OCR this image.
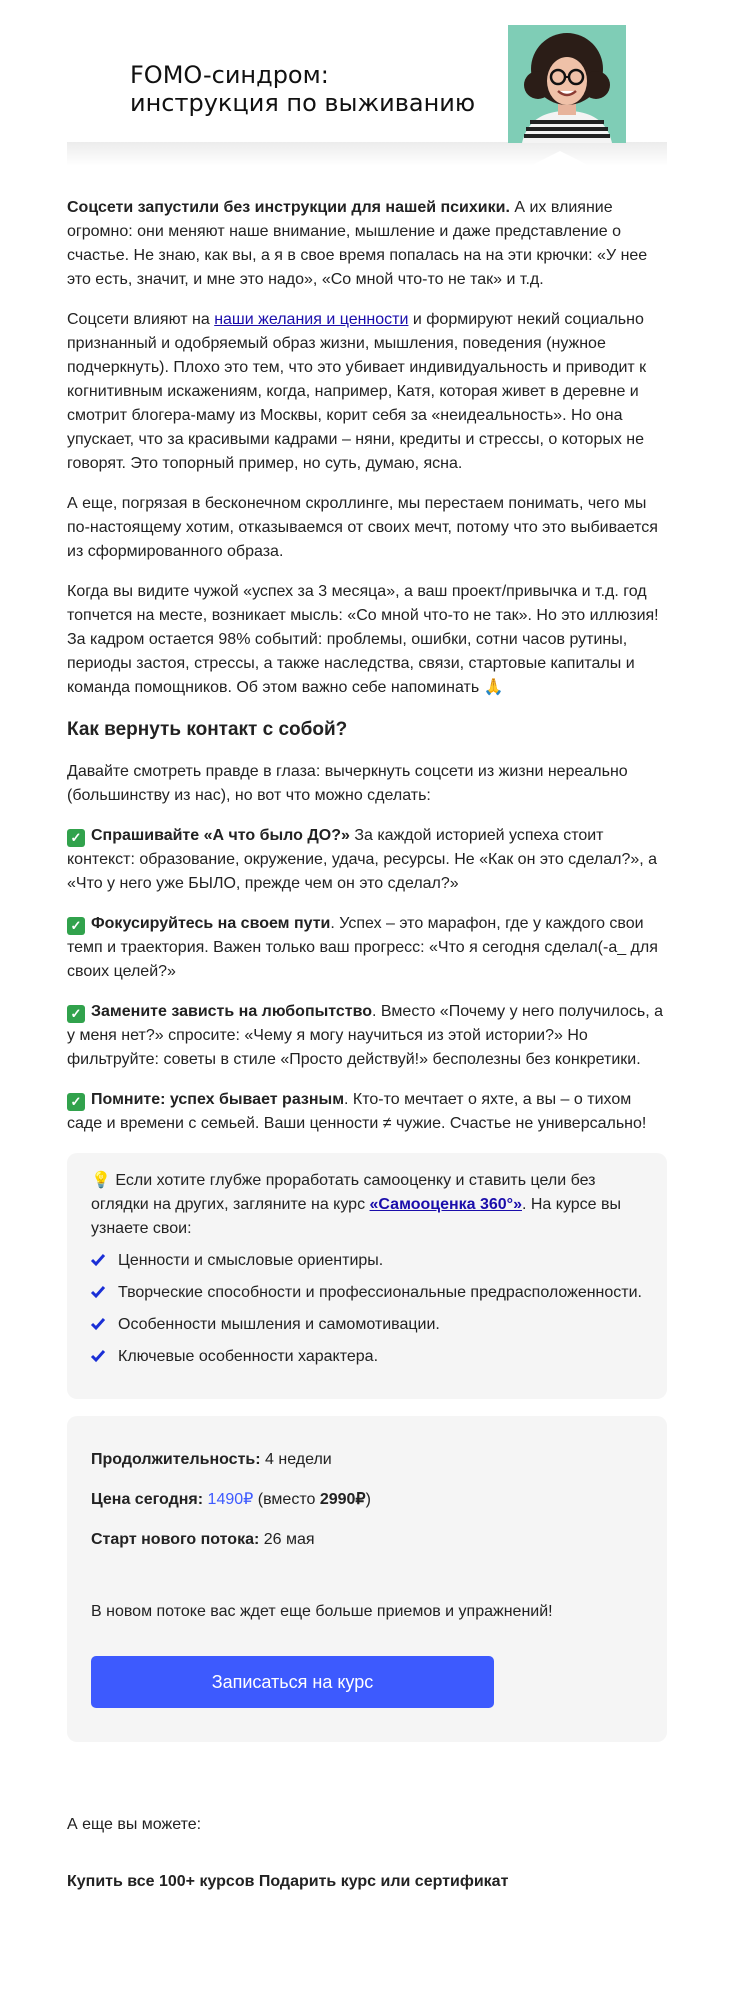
FOMO-синдром:
инструкция по выживанию

Соцсети запустили без инструкции для нашей психики. А их влияние огромно: они меняют наше внимание, мышление и даже представление о счастье. Не знаю, как вы, а я в свое время попалась на на эти крючки: «У нее это есть, значит, и мне это надо», «Со мной что-то не так» и т.д.

Соцсети влияют на наши желания и ценности и формируют некий социально признанный и одобряемый образ жизни, мышления, поведения (нужное подчеркнуть). Плохо это тем, что это убивает индивидуальность и приводит к когнитивным искажениям, когда, например, Катя, которая живет в деревне и смотрит блогера-маму из Москвы, корит себя за «неидеальность». Но она упускает, что за красивыми кадрами – няни, кредиты и стрессы, о которых не говорят. Это топорный пример, но суть, думаю, ясна.

А еще, погрязая в бесконечном скроллинге, мы перестаем понимать, чего мы по-настоящему хотим, отказываемся от своих мечт, потому что это выбивается из сформированного образа.

Когда вы видите чужой «успех за 3 месяца», а ваш проект/привычка и т.д. год топчется на месте, возникает мысль: «Со мной что-то не так». Но это иллюзия! За кадром остается 98% событий: проблемы, ошибки, сотни часов рутины, периоды застоя, стрессы, а также наследства, связи, стартовые капиталы и команда помощников. Об этом важно себе напоминать 🙏

Как вернуть контакт с собой?

Давайте смотреть правде в глаза: вычеркнуть соцсети из жизни нереально (большинству из нас), но вот что можно сделать:

✓ Спрашивайте «А что было ДО?» За каждой историей успеха стоит контекст: образование, окружение, удача, ресурсы. Не «Как он это сделал?», а «Что у него уже БЫЛО, прежде чем он это сделал?»

✓ Фокусируйтесь на своем пути. Успех – это марафон, где у каждого свои темп и траектория. Важен только ваш прогресс: «Что я сегодня сделал(-а_ для своих целей?»

✓ Замените зависть на любопытство. Вместо «Почему у него получилось, а у меня нет?» спросите: «Чему я могу научиться из этой истории?» Но фильтруйте: советы в стиле «Просто действуй!» бесполезны без конкретики.

✓ Помните: успех бывает разным. Кто-то мечтает о яхте, а вы – о тихом саде и времени с семьей. Ваши ценности ≠ чужие. Счастье не универсально!

💡 Если хотите глубже проработать самооценку и ставить цели без оглядки на других, загляните на курс «Самооценка 360°». На курсе вы узнаете свои:

Ценности и смысловые ориентиры.
Творческие способности и профессиональные предрасположенности.
Особенности мышления и самомотивации.
Ключевые особенности характера.

Продолжительность: 4 недели

Цена сегодня: 1490₽ (вместо 2990₽)

Старт нового потока: 26 мая

В новом потоке вас ждет еще больше приемов и упражнений!

Записаться на курс

А еще вы можете:

Купить все 100+ курсов Подарить курс или сертификат
